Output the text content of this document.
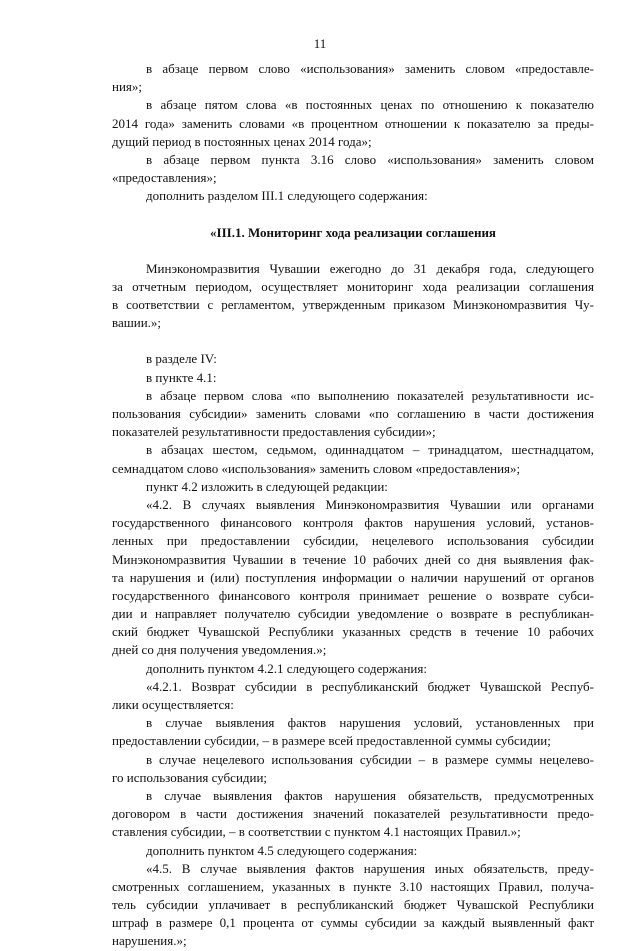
11
в абзаце первом слово «использования» заменить словом «предоставле-
ния»;
в абзаце пятом слова «в постоянных ценах по отношению к показателю
2014 года» заменить словами «в процентном отношении к показателю за преды-
дущий период в постоянных ценах 2014 года»;
в абзаце первом пункта 3.16 слово «использования» заменить словом
«предоставления»;
дополнить разделом III.1 следующего содержания:
«III.1. Мониторинг хода реализации соглашения
Минэкономразвития Чувашии ежегодно до 31 декабря года, следующего
за отчетным периодом, осуществляет мониторинг хода реализации соглашения
в соответствии с регламентом, утвержденным приказом Минэкономразвития Чу-
вашии.»;
в разделе IV:
в пункте 4.1:
в абзаце первом слова «по выполнению показателей результативности ис-
пользования субсидии» заменить словами «по соглашению в части достижения
показателей результативности предоставления субсидии»;
в абзацах шестом, седьмом, одиннадцатом – тринадцатом, шестнадцатом,
семнадцатом слово «использования» заменить словом «предоставления»;
пункт 4.2 изложить в следующей редакции:
«4.2. В случаях выявления Минэкономразвития Чувашии или органами
государственного финансового контроля фактов нарушения условий, установ-
ленных при предоставлении субсидии, нецелевого использования субсидии
Минэкономразвития Чувашии в течение 10 рабочих дней со дня выявления фак-
та нарушения и (или) поступления информации о наличии нарушений от органов
государственного финансового контроля принимает решение о возврате субси-
дии и направляет получателю субсидии уведомление о возврате в республикан-
ский бюджет Чувашской Республики указанных средств в течение 10 рабочих
дней со дня получения уведомления.»;
дополнить пунктом 4.2.1 следующего содержания:
«4.2.1. Возврат субсидии в республиканский бюджет Чувашской Респуб-
лики осуществляется:
в случае выявления фактов нарушения условий, установленных при
предоставлении субсидии, – в размере всей предоставленной суммы субсидии;
в случае нецелевого использования субсидии – в размере суммы нецелево-
го использования субсидии;
в случае выявления фактов нарушения обязательств, предусмотренных
договором в части достижения значений показателей результативности предо-
ставления субсидии, – в соответствии с пунктом 4.1 настоящих Правил.»;
дополнить пунктом 4.5 следующего содержания:
«4.5. В случае выявления фактов нарушения иных обязательств, преду-
смотренных соглашением, указанных в пункте 3.10 настоящих Правил, получа-
тель субсидии уплачивает в республиканский бюджет Чувашской Республики
штраф в размере 0,1 процента от суммы субсидии за каждый выявленный факт
нарушения.»;
